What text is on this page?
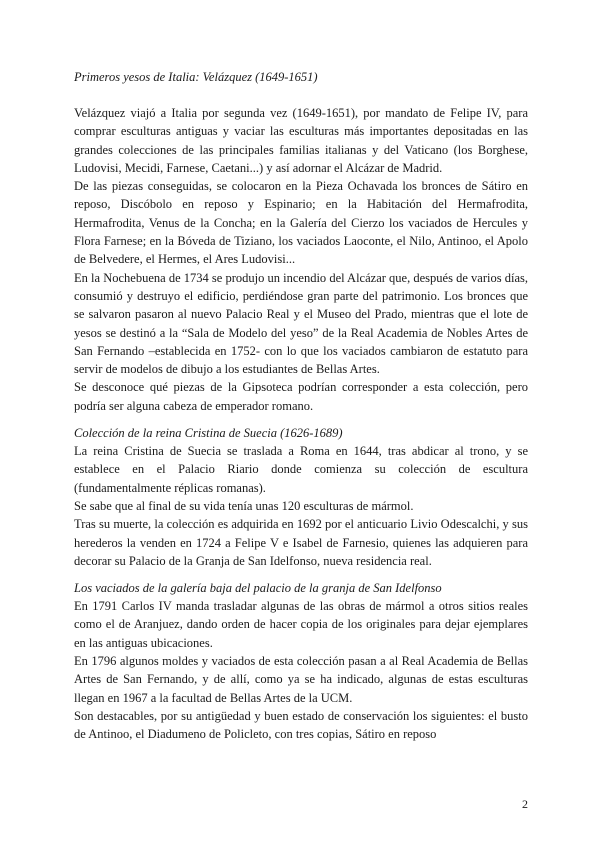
Primeros yesos de Italia: Velázquez (1649-1651)

Velázquez viajó a Italia por segunda vez (1649-1651), por mandato de Felipe IV, para comprar esculturas antiguas y vaciar las esculturas más importantes depositadas en las grandes colecciones de las principales familias italianas y del Vaticano (los Borghese, Ludovisi, Mecidi, Farnese, Caetani...) y así adornar el Alcázar de Madrid.

De las piezas conseguidas, se colocaron en la Pieza Ochavada los bronces de Sátiro en reposo, Discóbolo en reposo y Espinario; en la Habitación del Hermafrodita, Hermafrodita, Venus de la Concha; en la Galería del Cierzo los vaciados de Hercules y Flora Farnese; en la Bóveda de Tiziano, los vaciados Laoconte, el Nilo, Antinoo, el Apolo de Belvedere, el Hermes, el Ares Ludovisi...

En la Nochebuena de 1734 se produjo un incendio del Alcázar que, después de varios días, consumió y destruyo el edificio, perdiéndose gran parte del patrimonio. Los bronces que se salvaron pasaron al nuevo Palacio Real y el Museo del Prado, mientras que el lote de yesos se destinó a la “Sala de Modelo del yeso” de la Real Academia de Nobles Artes de San Fernando –establecida en 1752- con lo que los vaciados cambiaron de estatuto para servir de modelos de dibujo a los estudiantes de Bellas Artes.

Se desconoce qué piezas de la Gipsoteca podrían corresponder a esta colección, pero podría ser alguna cabeza de emperador romano.

Colección de la reina Cristina de Suecia (1626-1689)

La reina Cristina de Suecia se traslada a Roma en 1644, tras abdicar al trono, y se establece en el Palacio Riario donde comienza su colección de escultura (fundamentalmente réplicas romanas).

Se sabe que al final de su vida tenía unas 120 esculturas de mármol.

Tras su muerte, la colección es adquirida en 1692 por el anticuario Livio Odescalchi, y sus herederos la venden en 1724 a Felipe V e Isabel de Farnesio, quienes las adquieren para decorar su Palacio de la Granja de San Idelfonso, nueva residencia real.

Los vaciados de la galería baja del palacio de la granja de San Idelfonso

En 1791 Carlos IV manda trasladar algunas de las obras de mármol a otros sitios reales como el de Aranjuez, dando orden de hacer copia de los originales para dejar ejemplares en las antiguas ubicaciones.

En 1796 algunos moldes y vaciados de esta colección pasan a al Real Academia de Bellas Artes de San Fernando, y de allí, como ya se ha indicado, algunas de estas esculturas llegan en 1967 a la facultad de Bellas Artes de la UCM.

Son destacables, por su antigüedad y buen estado de conservación los siguientes: el busto de Antinoo, el Diadumeno de Policleto, con tres copias, Sátiro en reposo

2
